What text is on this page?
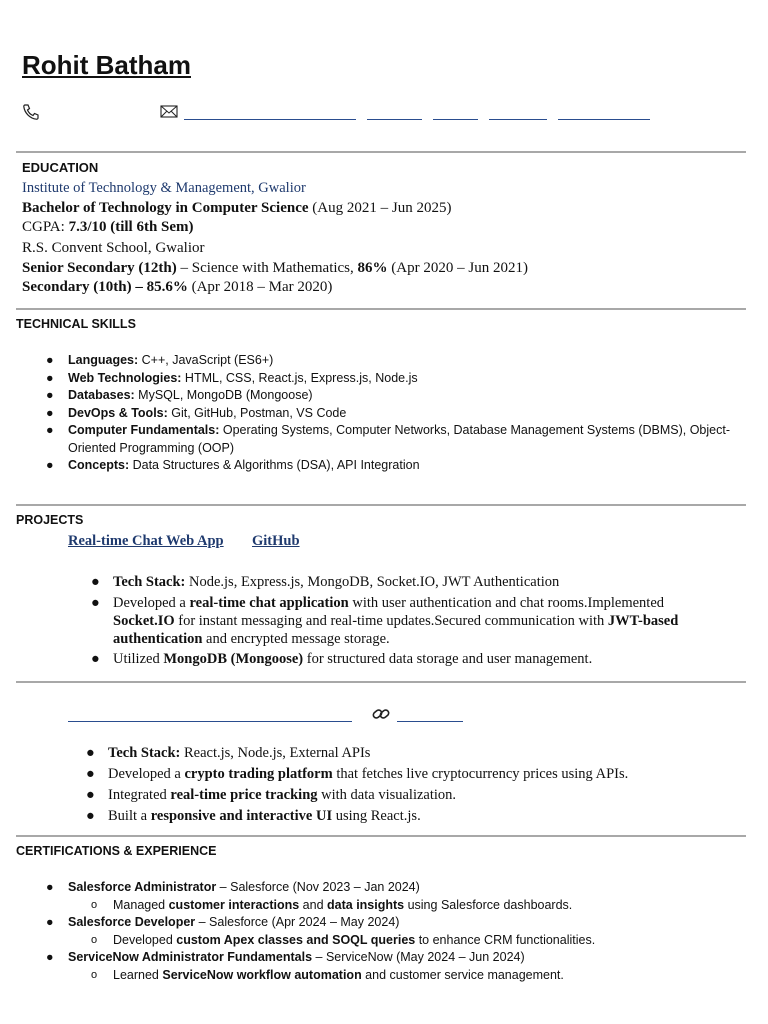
Rohit Batham
EDUCATION
Institute of Technology & Management, Gwalior
Bachelor of Technology in Computer Science (Aug 2021 – Jun 2025)
CGPA: 7.3/10 (till 6th Sem)
R.S. Convent School, Gwalior
Senior Secondary (12th) – Science with Mathematics, 86% (Apr 2020 – Jun 2021)
Secondary (10th) – 85.6% (Apr 2018 – Mar 2020)
TECHNICAL SKILLS
● Languages: C++, JavaScript (ES6+)
● Web Technologies: HTML, CSS, React.js, Express.js, Node.js
● Databases: MySQL, MongoDB (Mongoose)
● DevOps & Tools: Git, GitHub, Postman, VS Code
● Computer Fundamentals: Operating Systems, Computer Networks, Database Management Systems (DBMS), Object-
Oriented Programming (OOP)
● Concepts: Data Structures & Algorithms (DSA), API Integration
PROJECTS
Real-time Chat Web App GitHub
● Tech Stack: Node.js, Express.js, MongoDB, Socket.IO, JWT Authentication
● Developed a real-time chat application with user authentication and chat rooms.Implemented
Socket.IO for instant messaging and real-time updates.Secured communication with JWT-based
authentication and encrypted message storage.
● Utilized MongoDB (Mongoose) for structured data storage and user management.
● Tech Stack: React.js, Node.js, External APIs
● Developed a crypto trading platform that fetches live cryptocurrency prices using APIs.
● Integrated real-time price tracking with data visualization.
● Built a responsive and interactive UI using React.js.
CERTIFICATIONS & EXPERIENCE
● Salesforce Administrator – Salesforce (Nov 2023 – Jan 2024)
o Managed customer interactions and data insights using Salesforce dashboards.
● Salesforce Developer – Salesforce (Apr 2024 – May 2024)
o Developed custom Apex classes and SOQL queries to enhance CRM functionalities.
● ServiceNow Administrator Fundamentals – ServiceNow (May 2024 – Jun 2024)
o Learned ServiceNow workflow automation and customer service management.
